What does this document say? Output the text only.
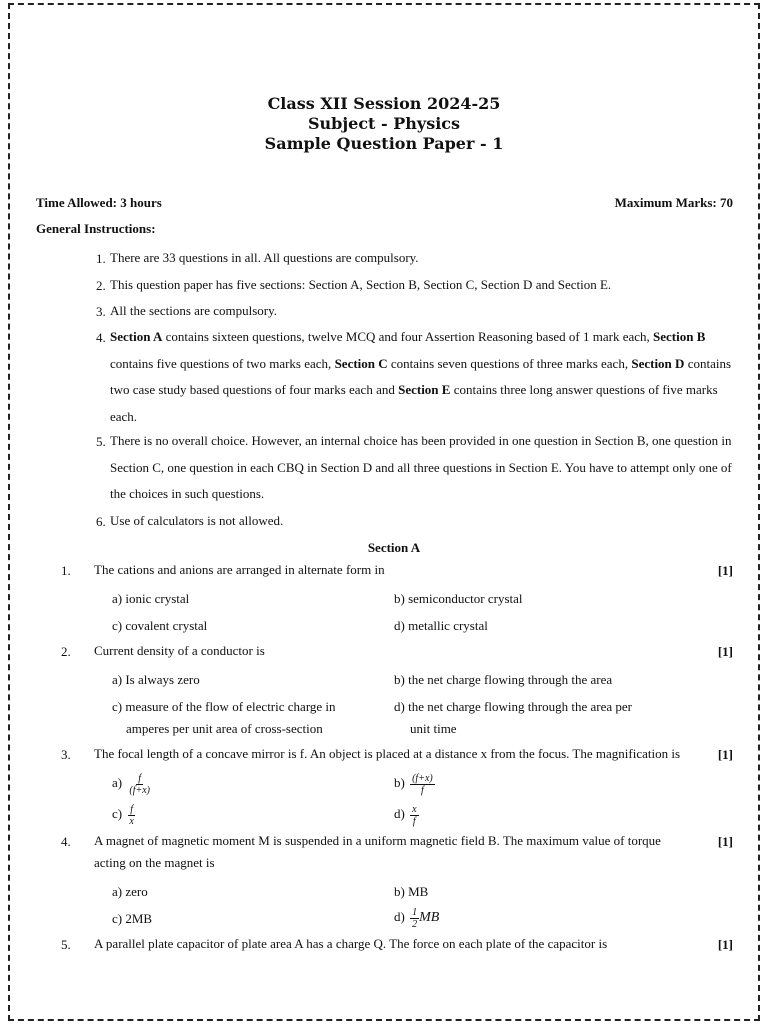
Class XII Session 2024-25
Subject - Physics
Sample Question Paper - 1
Time Allowed: 3 hours	Maximum Marks: 70
General Instructions:
1. There are 33 questions in all. All questions are compulsory.
2. This question paper has five sections: Section A, Section B, Section C, Section D and Section E.
3. All the sections are compulsory.
4. Section A contains sixteen questions, twelve MCQ and four Assertion Reasoning based of 1 mark each, Section B contains five questions of two marks each, Section C contains seven questions of three marks each, Section D contains two case study based questions of four marks each and Section E contains three long answer questions of five marks each.
5. There is no overall choice. However, an internal choice has been provided in one question in Section B, one question in Section C, one question in each CBQ in Section D and all three questions in Section E. You have to attempt only one of the choices in such questions.
6. Use of calculators is not allowed.
Section A
1. The cations and anions are arranged in alternate form in	[1]
a) ionic crystal	b) semiconductor crystal
c) covalent crystal	d) metallic crystal
2. Current density of a conductor is	[1]
a) Is always zero	b) the net charge flowing through the area
c) measure of the flow of electric charge in
amperes per unit area of cross-section
d) the net charge flowing through the area per
unit time
3. The focal length of a concave mirror is f. An object is placed at a distance x from the focus. The magnification is	[1]
$a) \frac{f}{(f+x)}$	$b) \frac{(f+x)}{f}$
$c) \frac{f}{x}$	$d) \frac{x}{f}$
4. A magnet of magnetic moment M is suspended in a uniform magnetic field B. The maximum value of torque
acting on the magnet is
[1]
a) zero	b) MB
c) 2MB	$d) \frac{1}{2}$ MB
5. A parallel plate capacitor of plate area A has a charge Q. The force on each plate of the capacitor is	[1]
